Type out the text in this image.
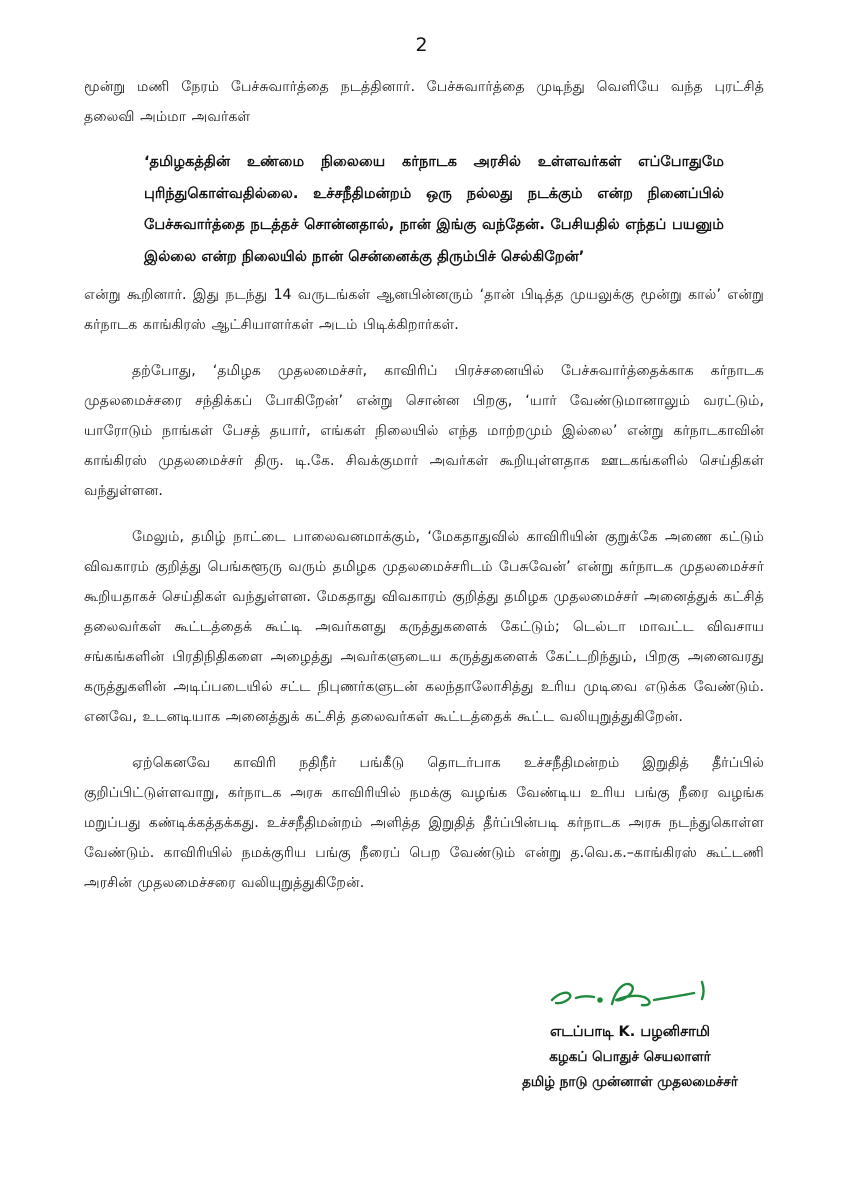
2

மூன்று மணி நேரம் பேச்சுவார்த்தை நடத்தினார். பேச்சுவார்த்தை முடிந்து வெளியே வந்த புரட்சித் தலைவி அம்மா அவர்கள்

‘தமிழகத்தின் உண்மை நிலையை கர்நாடக அரசில் உள்ளவர்கள் எப்போதுமே புரிந்துகொள்வதில்லை. உச்சநீதிமன்றம் ஒரு நல்லது நடக்கும் என்ற நினைப்பில் பேச்சுவார்த்தை நடத்தச் சொன்னதால், நான் இங்கு வந்தேன். பேசியதில் எந்தப் பயனும் இல்லை என்ற நிலையில் நான் சென்னைக்கு திரும்பிச் செல்கிறேன்’

என்று கூறினார். இது நடந்து 14 வருடங்கள் ஆனபின்னரும் ‘தான் பிடித்த முயலுக்கு மூன்று கால்’ என்று கர்நாடக காங்கிரஸ் ஆட்சியாளர்கள் அடம் பிடிக்கிறார்கள்.

தற்போது, ‘தமிழக முதலமைச்சர், காவிரிப் பிரச்சனையில் பேச்சுவார்த்தைக்காக கர்நாடக முதலமைச்சரை சந்திக்கப் போகிறேன்’ என்று சொன்ன பிறகு, ‘யார் வேண்டுமானாலும் வரட்டும், யாரோடும் நாங்கள் பேசத் தயார், எங்கள் நிலையில் எந்த மாற்றமும் இல்லை’ என்று கர்நாடகாவின் காங்கிரஸ் முதலமைச்சர் திரு. டி.கே. சிவக்குமார் அவர்கள் கூறியுள்ளதாக ஊடகங்களில் செய்திகள் வந்துள்ளன.

மேலும், தமிழ் நாட்டை பாலைவனமாக்கும், ‘மேகதாதுவில் காவிரியின் குறுக்கே அணை கட்டும் விவகாரம் குறித்து பெங்களூரு வரும் தமிழக முதலமைச்சரிடம் பேசுவேன்’ என்று கர்நாடக முதலமைச்சர் கூறியதாகச் செய்திகள் வந்துள்ளன. மேகதாது விவகாரம் குறித்து தமிழக முதலமைச்சர் அனைத்துக் கட்சித் தலைவர்கள் கூட்டத்தைக் கூட்டி அவர்களது கருத்துகளைக் கேட்டும்; டெல்டா மாவட்ட விவசாய சங்கங்களின் பிரதிநிதிகளை அழைத்து அவர்களுடைய கருத்துகளைக் கேட்டறிந்தும், பிறகு அனைவரது கருத்துகளின் அடிப்படையில் சட்ட நிபுணர்களுடன் கலந்தாலோசித்து உரிய முடிவை எடுக்க வேண்டும். எனவே, உடனடியாக அனைத்துக் கட்சித் தலைவர்கள் கூட்டத்தைக் கூட்ட வலியுறுத்துகிறேன்.

ஏற்கெனவே காவிரி நதிநீர் பங்கீடு தொடர்பாக உச்சநீதிமன்றம் இறுதித் தீர்ப்பில் குறிப்பிட்டுள்ளவாறு, கர்நாடக அரசு காவிரியில் நமக்கு வழங்க வேண்டிய உரிய பங்கு நீரை வழங்க மறுப்பது கண்டிக்கத்தக்கது. உச்சநீதிமன்றம் அளித்த இறுதித் தீர்ப்பின்படி கர்நாடக அரசு நடந்துகொள்ள வேண்டும். காவிரியில் நமக்குரிய பங்கு நீரைப் பெற வேண்டும் என்று த.வெ.க.–காங்கிரஸ் கூட்டணி அரசின் முதலமைச்சரை வலியுறுத்துகிறேன்.

எடப்பாடி K. பழனிசாமி
கழகப் பொதுச் செயலாளர்
தமிழ் நாடு முன்னாள் முதலமைச்சர்
